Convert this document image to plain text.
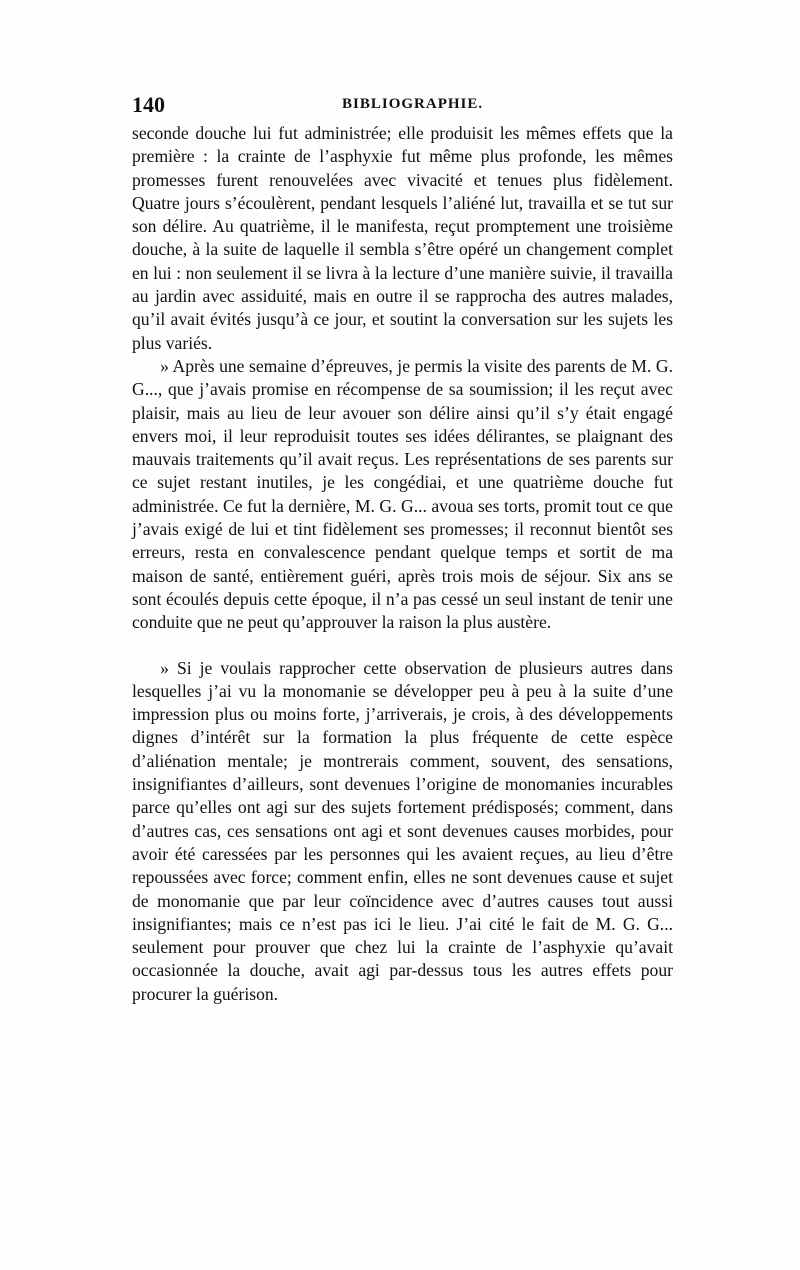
140	BIBLIOGRAPHIE.

seconde douche lui fut administrée; elle produisit les mêmes effets que la première : la crainte de l’asphyxie fut même plus profonde, les mêmes promesses furent renouvelées avec vivacité et tenues plus fidèlement. Quatre jours s’écoulèrent, pendant lesquels l’aliéné lut, travailla et se tut sur son délire. Au quatrième, il le manifesta, reçut promptement une troisième douche, à la suite de laquelle il sembla s’être opéré un changement complet en lui : non seulement il se livra à la lecture d’une manière suivie, il travailla au jardin avec assiduité, mais en outre il se rapprocha des autres malades, qu’il avait évités jusqu’à ce jour, et soutint la conversation sur les sujets les plus variés.

» Après une semaine d’épreuves, je permis la visite des parents de M. G. G..., que j’avais promise en récompense de sa soumission; il les reçut avec plaisir, mais au lieu de leur avouer son délire ainsi qu’il s’y était engagé envers moi, il leur reproduisit toutes ses idées délirantes, se plaignant des mauvais traitements qu’il avait reçus. Les représentations de ses parents sur ce sujet restant inutiles, je les congédiai, et une quatrième douche fut administrée. Ce fut la dernière, M. G. G... avoua ses torts, promit tout ce que j’avais exigé de lui et tint fidèlement ses promesses; il reconnut bientôt ses erreurs, resta en convalescence pendant quelque temps et sortit de ma maison de santé, entièrement guéri, après trois mois de séjour. Six ans se sont écoulés depuis cette époque, il n’a pas cessé un seul instant de tenir une conduite que ne peut qu’approuver la raison la plus austère.

» Si je voulais rapprocher cette observation de plusieurs autres dans lesquelles j’ai vu la monomanie se développer peu à peu à la suite d’une impression plus ou moins forte, j’arriverais, je crois, à des développements dignes d’intérêt sur la formation la plus fréquente de cette espèce d’aliénation mentale; je montrerais comment, souvent, des sensations, insignifiantes d’ailleurs, sont devenues l’origine de monomanies incurables parce qu’elles ont agi sur des sujets fortement prédisposés; comment, dans d’autres cas, ces sensations ont agi et sont devenues causes morbides, pour avoir été caressées par les personnes qui les avaient reçues, au lieu d’être repoussées avec force; comment enfin, elles ne sont devenues cause et sujet de monomanie que par leur coïncidence avec d’autres causes tout aussi insignifiantes; mais ce n’est pas ici le lieu. J’ai cité le fait de M. G. G... seulement pour prouver que chez lui la crainte de l’asphyxie qu’avait occasionnée la douche, avait agi par-dessus tous les autres effets pour procurer la guérison.
